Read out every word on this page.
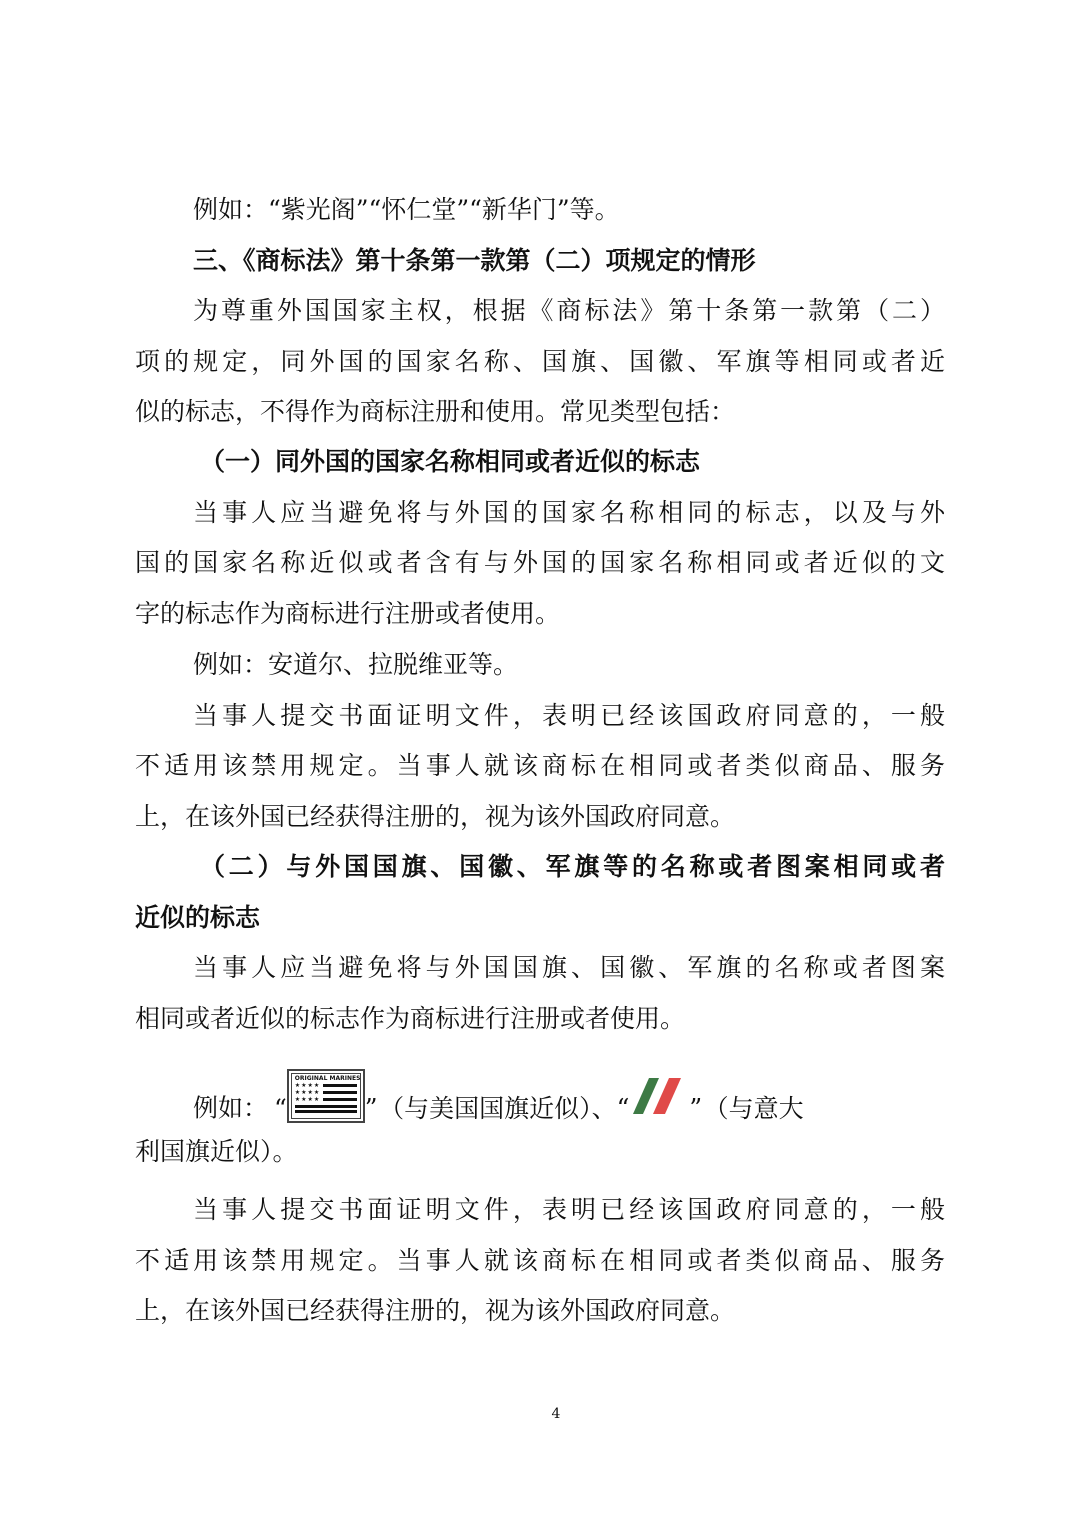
例如：“紫光阁”“怀仁堂”“新华门”等。
三、《商标法》第十条第一款第（二）项规定的情形
为尊重外国国家主权，根据《商标法》第十条第一款第（二）
项的规定，同外国的国家名称、国旗、国徽、军旗等相同或者近
似的标志，不得作为商标注册和使用。常见类型包括：
（一）同外国的国家名称相同或者近似的标志
当事人应当避免将与外国的国家名称相同的标志，以及与外
国的国家名称近似或者含有与外国的国家名称相同或者近似的文
字的标志作为商标进行注册或者使用。
例如：安道尔、拉脱维亚等。
当事人提交书面证明文件，表明已经该国政府同意的，一般
不适用该禁用规定。当事人就该商标在相同或者类似商品、服务
上，在该外国已经获得注册的，视为该外国政府同意。
（二）与外国国旗、国徽、军旗等的名称或者图案相同或者
近似的标志
当事人应当避免将与外国国旗、国徽、军旗的名称或者图案
相同或者近似的标志作为商标进行注册或者使用。
例如： “
ORIGINAL MARINES
★★★★
★★★★
★★★★ ” （与美国国旗近似）、“ ” （与意大
利国旗近似）。
当事人提交书面证明文件，表明已经该国政府同意的，一般
不适用该禁用规定。当事人就该商标在相同或者类似商品、服务
上，在该外国已经获得注册的，视为该外国政府同意。
4
